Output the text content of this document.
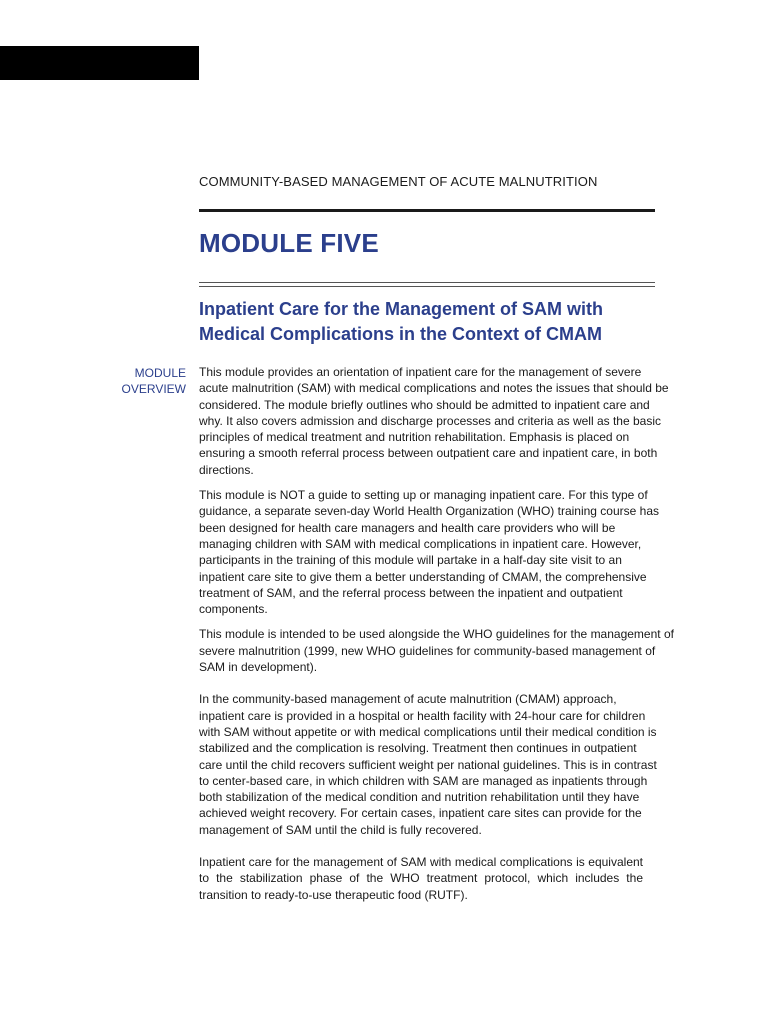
COMMUNITY-BASED MANAGEMENT OF ACUTE MALNUTRITION
MODULE FIVE
Inpatient Care for the Management of SAM with Medical Complications in the Context of CMAM
MODULE
OVERVIEW

This module provides an orientation of inpatient care for the management of severe acute malnutrition (SAM) with medical complications and notes the issues that should be considered. The module briefly outlines who should be admitted to inpatient care and why. It also covers admission and discharge processes and criteria as well as the basic principles of medical treatment and nutrition rehabilitation. Emphasis is placed on ensuring a smooth referral process between outpatient care and inpatient care, in both directions.

This module is NOT a guide to setting up or managing inpatient care. For this type of guidance, a separate seven-day World Health Organization (WHO) training course has been designed for health care managers and health care providers who will be managing children with SAM with medical complications in inpatient care. However, participants in the training of this module will partake in a half-day site visit to an inpatient care site to give them a better understanding of CMAM, the comprehensive treatment of SAM, and the referral process between the inpatient and outpatient components.

This module is intended to be used alongside the WHO guidelines for the management of severe malnutrition (1999, new WHO guidelines for community-based management of SAM in development).

In the community-based management of acute malnutrition (CMAM) approach, inpatient care is provided in a hospital or health facility with 24-hour care for children with SAM without appetite or with medical complications until their medical condition is stabilized and the complication is resolving. Treatment then continues in outpatient care until the child recovers sufficient weight per national guidelines. This is in contrast to center-based care, in which children with SAM are managed as inpatients through both stabilization of the medical condition and nutrition rehabilitation until they have achieved weight recovery. For certain cases, inpatient care sites can provide for the management of SAM until the child is fully recovered.

Inpatient care for the management of SAM with medical complications is equivalent to the stabilization phase of the WHO treatment protocol, which includes the transition to ready-to-use therapeutic food (RUTF).
